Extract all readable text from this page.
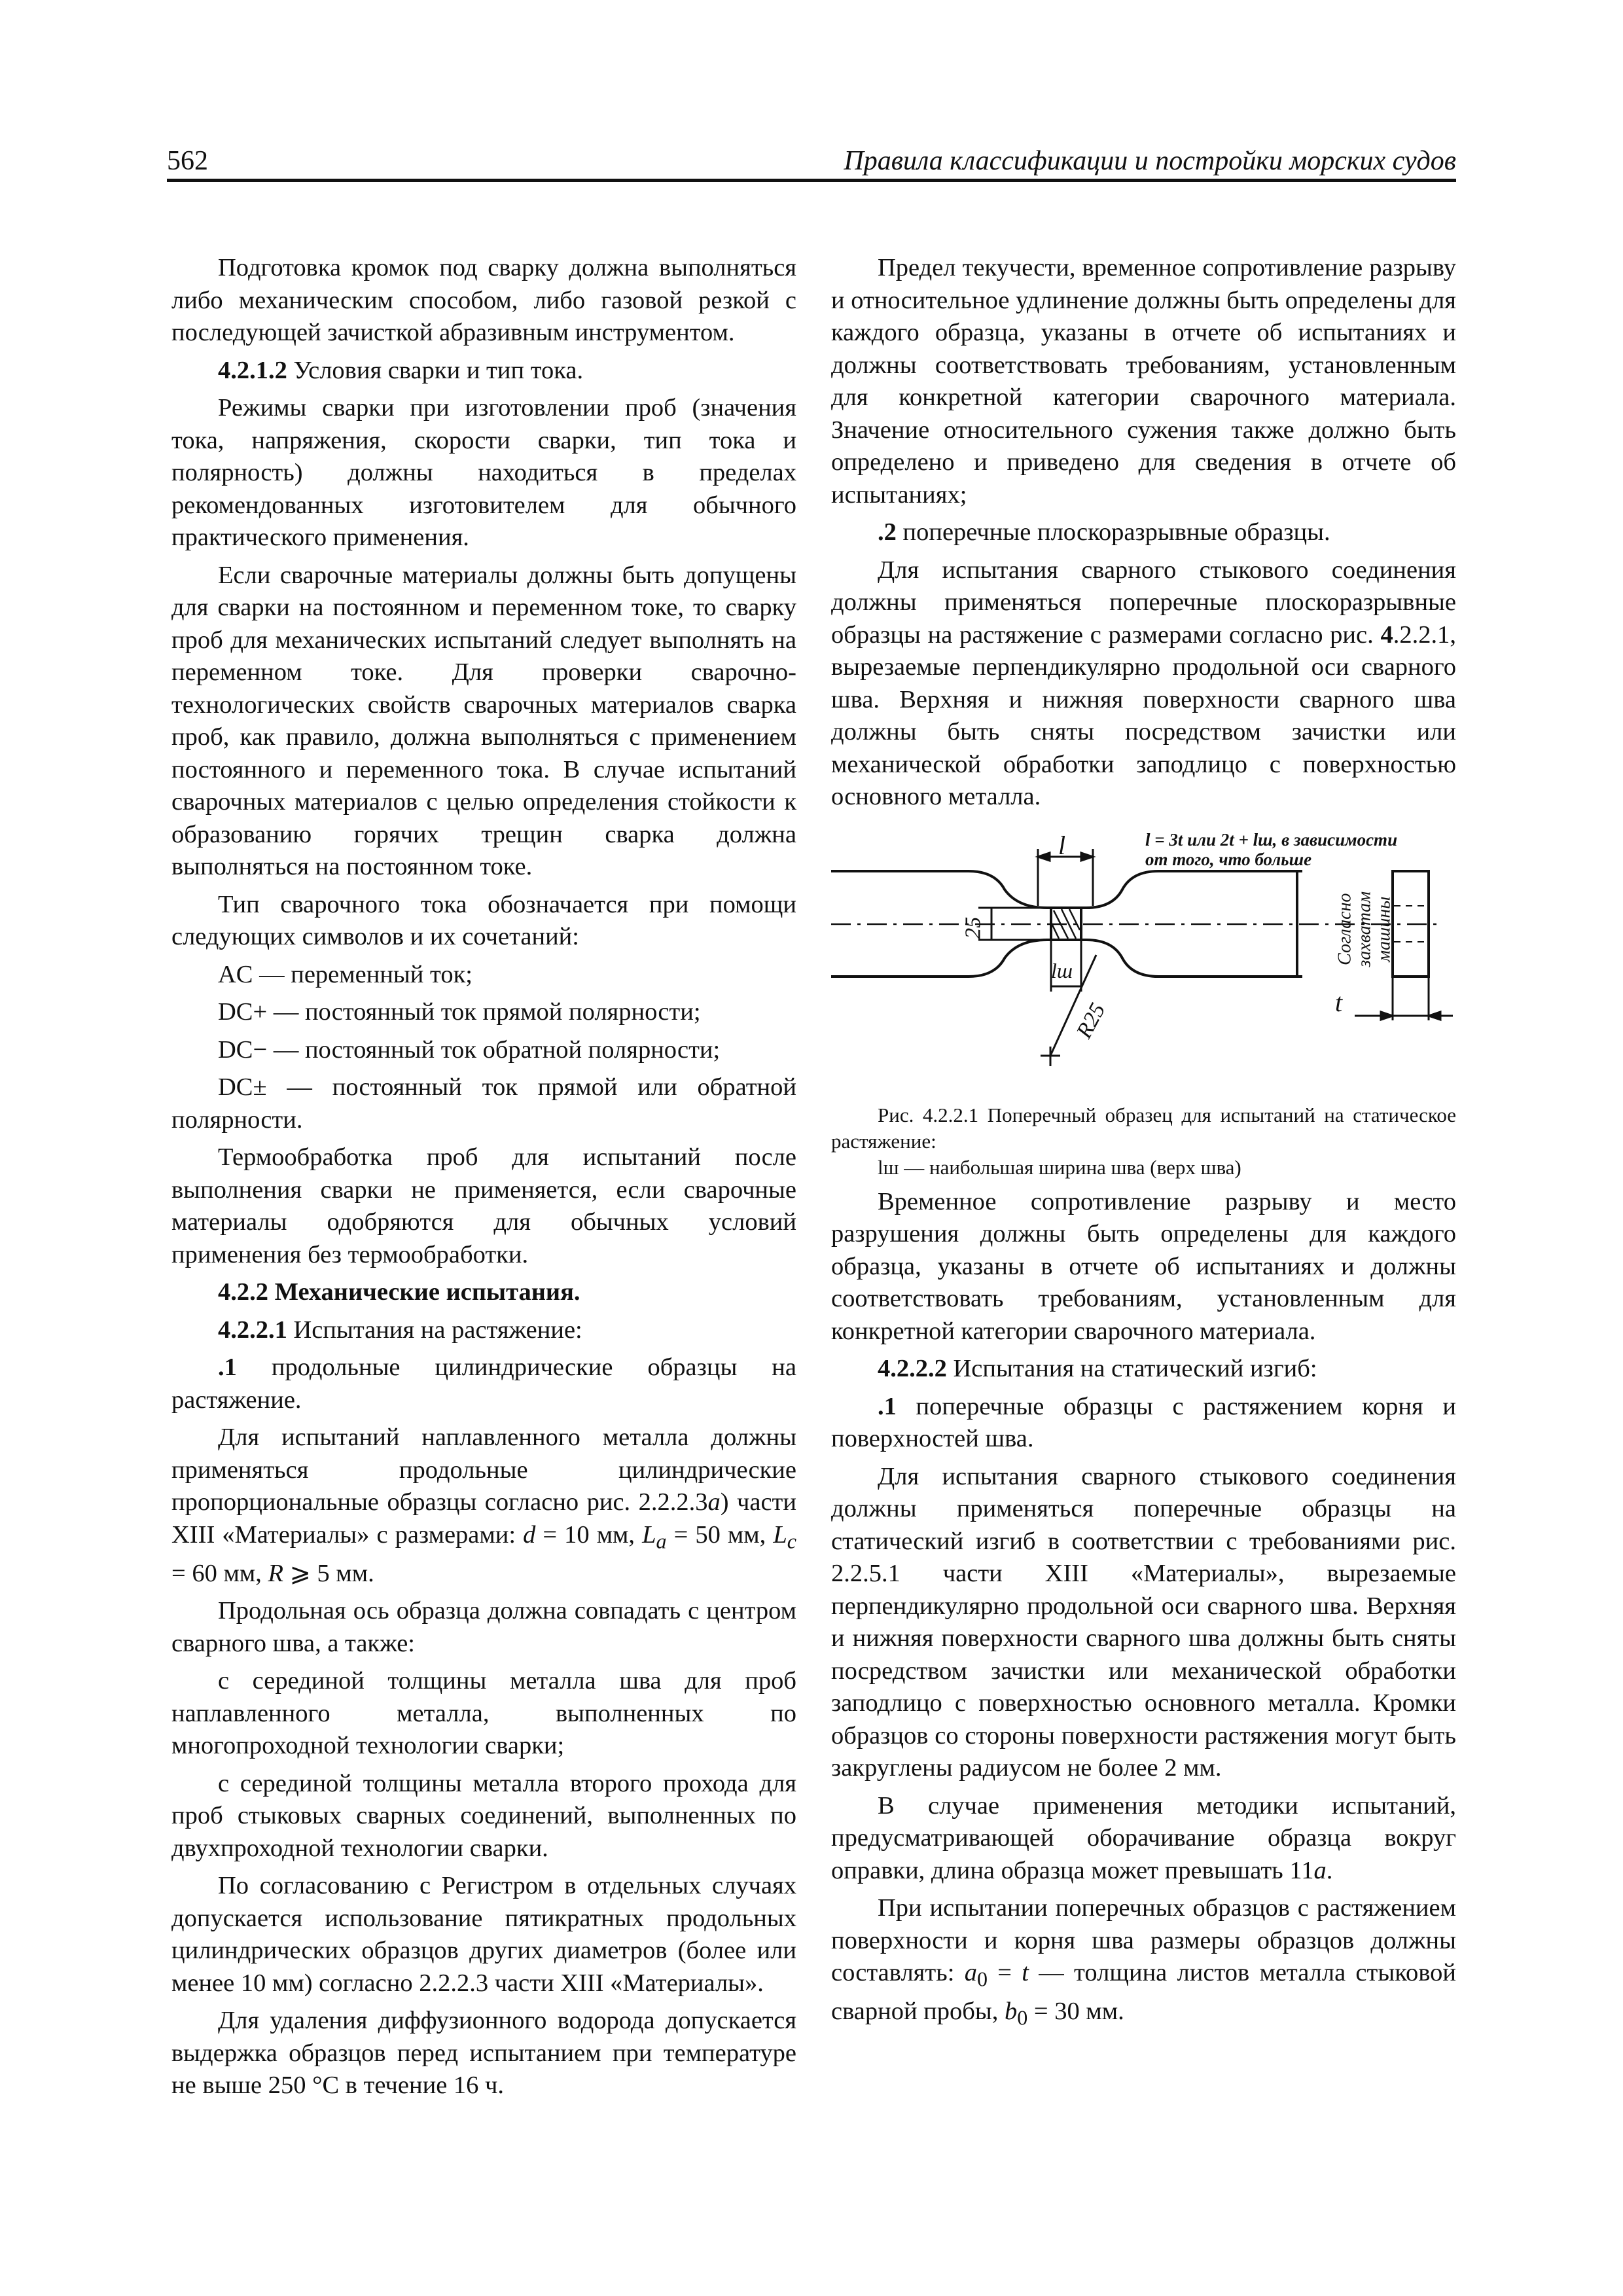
562	Правила классификации и постройки морских судов

Подготовка кромок под сварку должна выполняться либо механическим способом, либо газовой резкой с последующей зачисткой абразивным инструментом.

4.2.1.2 Условия сварки и тип тока.

Режимы сварки при изготовлении проб (значения тока, напряжения, скорости сварки, тип тока и полярность) должны находиться в пределах рекомендованных изготовителем для обычного практического применения.

Если сварочные материалы должны быть допущены для сварки на постоянном и переменном токе, то сварку проб для механических испытаний следует выполнять на переменном токе. Для проверки сварочно-технологических свойств сварочных материалов сварка проб, как правило, должна выполняться с применением постоянного и переменного тока. В случае испытаний сварочных материалов с целью определения стойкости к образованию горячих трещин сварка должна выполняться на постоянном токе.

Тип сварочного тока обозначается при помощи следующих символов и их сочетаний:

AC — переменный ток;

DC+ — постоянный ток прямой полярности;

DC− — постоянный ток обратной полярности;

DC± — постоянный ток прямой или обратной полярности.

Термообработка проб для испытаний после выполнения сварки не применяется, если сварочные материалы одобряются для обычных условий применения без термообработки.

4.2.2 Механические испытания.

4.2.2.1 Испытания на растяжение:

.1 продольные цилиндрические образцы на растяжение.

Для испытаний наплавленного металла должны применяться продольные цилиндрические пропорциональные образцы согласно рис. 2.2.2.3а) части XIII «Материалы» с размерами: d = 10 мм, $L_a = 50$ мм, $L_c = 60$ мм, R ⩾ 5 мм.

Продольная ось образца должна совпадать с центром сварного шва, а также:

с серединой толщины металла шва для проб наплавленного металла, выполненных по многопроходной технологии сварки;

с серединой толщины металла второго прохода для проб стыковых сварных соединений, выполненных по двухпроходной технологии сварки.

По согласованию с Регистром в отдельных случаях допускается использование пятикратных продольных цилиндрических образцов других диаметров (более или менее 10 мм) согласно 2.2.2.3 части XIII «Материалы».

Для удаления диффузионного водорода допускается выдержка образцов перед испытанием при температуре не выше 250 °С в течение 16 ч.

Предел текучести, временное сопротивление разрыву и относительное удлинение должны быть определены для каждого образца, указаны в отчете об испытаниях и должны соответствовать требованиям, установленным для конкретной категории сварочного материала. Значение относительного сужения также должно быть определено и приведено для сведения в отчете об испытаниях;

.2 поперечные плоскоразрывные образцы.

Для испытания сварного стыкового соединения должны применяться поперечные плоскоразрывные образцы на растяжение с размерами согласно рис. 4.2.2.1, вырезаемые перпендикулярно продольной оси сварного шва. Верхняя и нижняя поверхности сварного шва должны быть сняты посредством зачистки или механической обработки заподлицо с поверхностью основного металла.

l = 3t или 2t + lш, в зависимости
от того, что больше
l
25
lш
R25	t
Согласно захватам машины

Рис. 4.2.2.1 Поперечный образец для испытаний на статическое растяжение:
lш — наибольшая ширина шва (верх шва)

Временное сопротивление разрыву и место разрушения должны быть определены для каждого образца, указаны в отчете об испытаниях и должны соответствовать требованиям, установленным для конкретной категории сварочного материала.

4.2.2.2 Испытания на статический изгиб:

.1 поперечные образцы с растяжением корня и поверхностей шва.

Для испытания сварного стыкового соединения должны применяться поперечные образцы на статический изгиб в соответствии с требованиями рис. 2.2.5.1 части XIII «Материалы», вырезаемые перпендикулярно продольной оси сварного шва. Верхняя и нижняя поверхности сварного шва должны быть сняты посредством зачистки или механической обработки заподлицо с поверхностью основного металла. Кромки образцов со стороны поверхности растяжения могут быть закруглены радиусом не более 2 мм.

В случае применения методики испытаний, предусматривающей оборачивание образца вокруг оправки, длина образца может превышать 11а.

При испытании поперечных образцов с растяжением поверхности и корня шва размеры образцов должны составлять: $a_0 = t$ — толщина листов металла стыковой сварной пробы, $b_0 = 30$ мм.
